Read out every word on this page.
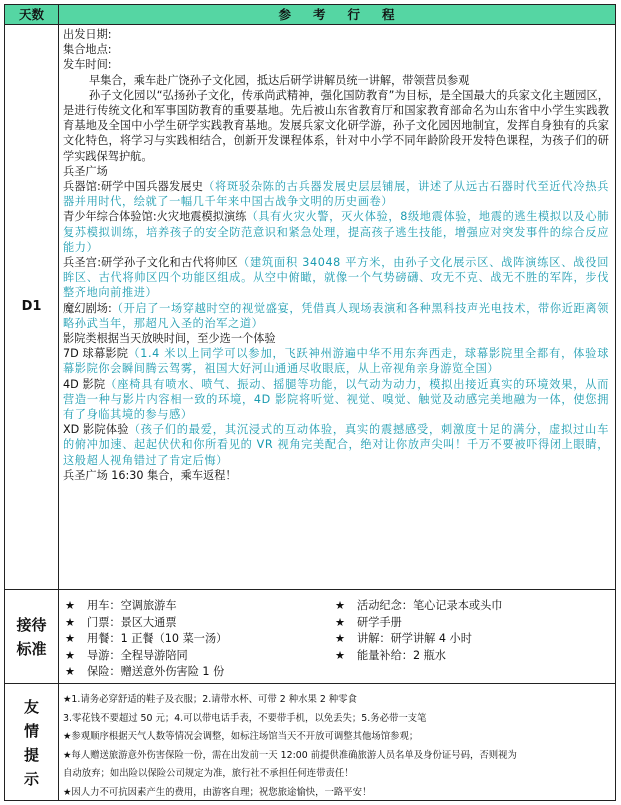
天数	参考行程
D1

出发日期:

集合地点:

发车时间:

早集合，乘车赴广饶孙子文化园，抵达后研学讲解员统一讲解，带领营员参观

孙子文化园以“弘扬孙子文化，传承尚武精神，强化国防教育”为目标，是全国最大的兵家文化主题园区，是进行传统文化和军事国防教育的重要基地。先后被山东省教育厅和国家教育部命名为山东省中小学生实践教育基地及全国中小学生研学实践教育基地。发展兵家文化研学游，孙子文化园因地制宜，发挥自身独有的兵家文化特色，将学习与实践相结合，创新开发课程体系，针对中小学不同年龄阶段开发特色课程，为孩子们的研学实践保驾护航。

兵圣广场

兵器馆:研学中国兵器发展史（将斑驳杂陈的古兵器发展史层层铺展，讲述了从远古石器时代至近代冷热兵器并用时代，绘就了一幅几千年来中国古战争文明的历史画卷）

青少年综合体验馆:火灾地震模拟演练（具有火灾火警，灭火体验，8级地震体验，地震的逃生模拟以及心肺复苏模拟训练，培养孩子的安全防范意识和紧急处理，提高孩子逃生技能，增强应对突发事件的综合反应能力）

兵圣宫:研学孙子文化和古代将帅区（建筑面积 34048 平方米，由孙子文化展示区、战阵演练区、战役回眸区、古代将帅区四个功能区组成。从空中俯瞰，就像一个气势磅礴、攻无不克、战无不胜的军阵，步伐整齐地向前推进）

魔幻剧场:（开启了一场穿越时空的视觉盛宴，凭借真人现场表演和各种黑科技声光电技术，带你近距离领略孙武当年，那超凡入圣的治军之道）

影院类根据当天放映时间，至少选一个体验

7D 球幕影院（1.4 米以上同学可以参加，飞跃神州游遍中华不用东奔西走，球幕影院里全都有，体验球幕影院你会瞬间腾云驾雾，祖国大好河山通通尽收眼底，从上帝视角亲身游览全国）

4D 影院（座椅具有喷水、喷气、振动、摇腿等功能，以气动为动力，模拟出接近真实的环境效果，从而营造一种与影片内容相一致的环境，4D 影院将听觉、视觉、嗅觉、触觉及动感完美地融为一体，使您拥有了身临其境的参与感）

XD 影院体验（孩子们的最爱，其沉浸式的互动体验，真实的震撼感受，刺激度十足的满分，虚拟过山车的俯冲加速、起起伏伏和你所看见的 VR 视角完美配合，绝对让你放声尖叫！千万不要被吓得闭上眼睛，这般超人视角错过了肯定后悔）

兵圣广场 16:30 集合，乘车返程！

接待
标准
★ 用车：空调旅游车	★ 活动纪念：笔心记录本或头巾
★ 门票：景区大通票	★ 研学手册
★ 用餐：1 正餐（10 菜一汤）	★ 讲解：研学讲解 4 小时
★ 导游：全程导游陪同	★ 能量补给：2 瓶水
★ 保险：赠送意外伤害险 1 份
友
情
提
示

★1.请务必穿舒适的鞋子及衣服；2.请带水杯、可带 2 种水果 2 种零食

3.零花钱不要超过 50 元；4.可以带电话手表，不要带手机，以免丢失；5.务必带一支笔

★参观顺序根据天气人数等情况会调整，如标注场馆当天不开放可调整其他场馆参观；

★每人赠送旅游意外伤害保险一份，需在出发前一天 12:00 前提供准确旅游人员名单及身份证号码，否则视为

自动放弃；如出险以保险公司规定为准，旅行社不承担任何连带责任！

★因人力不可抗因素产生的费用，由游客自理；祝您旅途愉快，一路平安！
